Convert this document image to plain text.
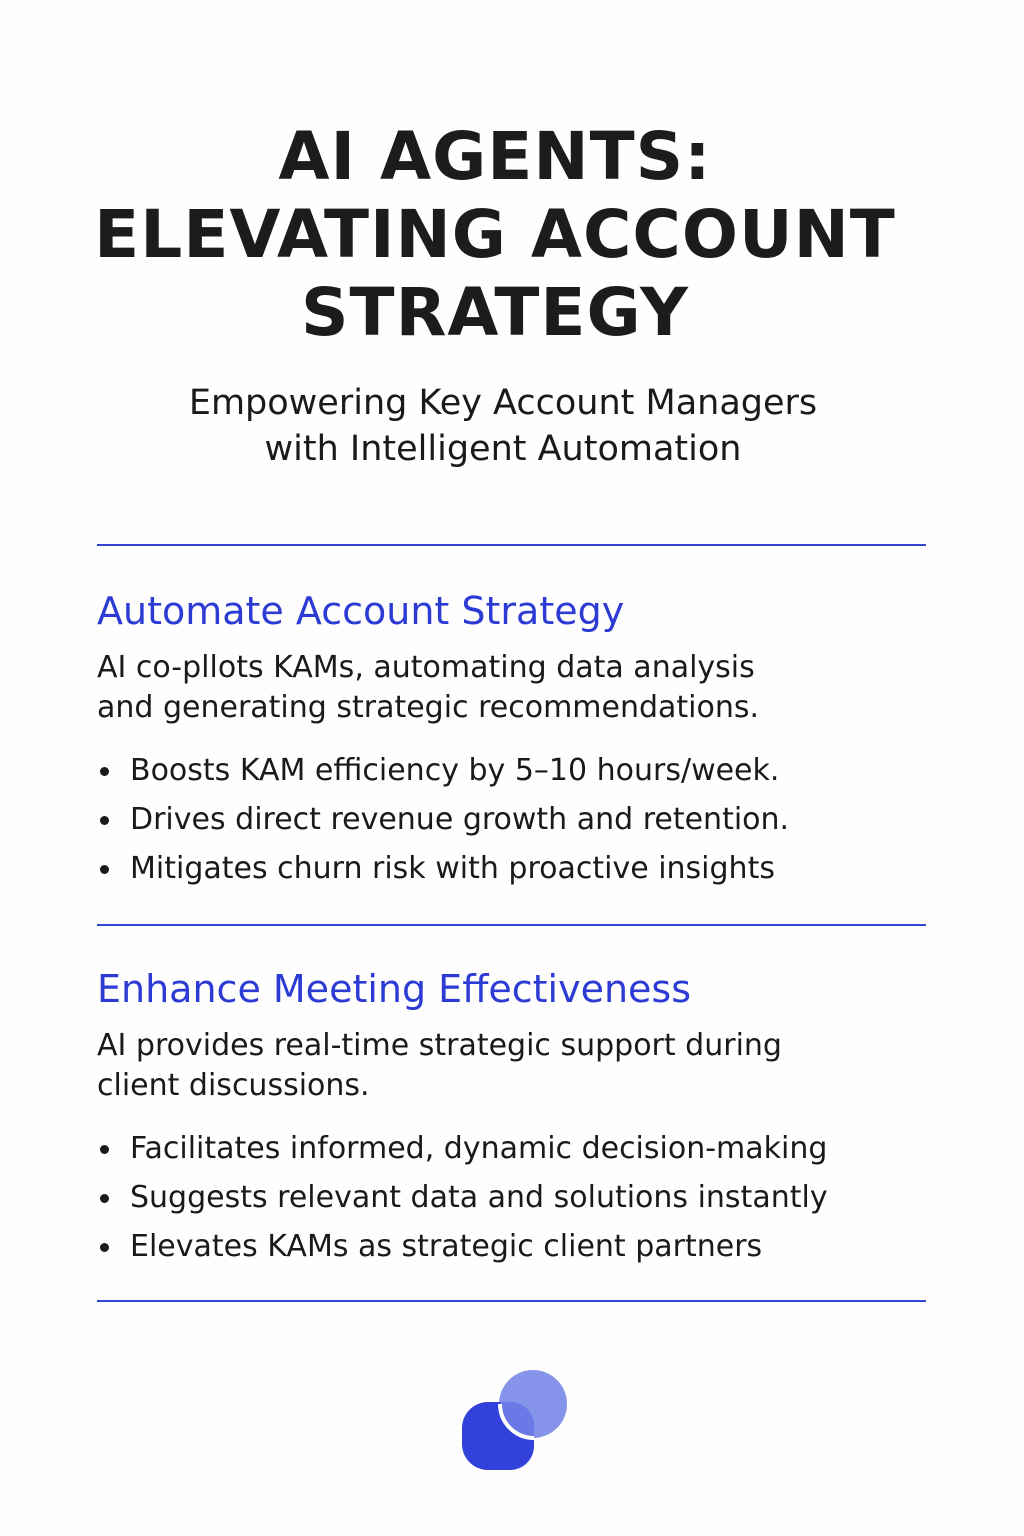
AI AGENTS:
ELEVATING ACCOUNT
STRATEGY

Empowering Key Account Managers
with Intelligent Automation

Automate Account Strategy

AI co-pllots KAMs, automating data analysis
and generating strategic recommendations.

Boosts KAM efficiency by 5–10 hours/week.
Drives direct revenue growth and retention.
Mitigates churn risk with proactive insights
Enhance Meeting Effectiveness

AI provides real-time strategic support during
client discussions.

Facilitates informed, dynamic decision-making
Suggests relevant data and solutions instantly
Elevates KAMs as strategic client partners
